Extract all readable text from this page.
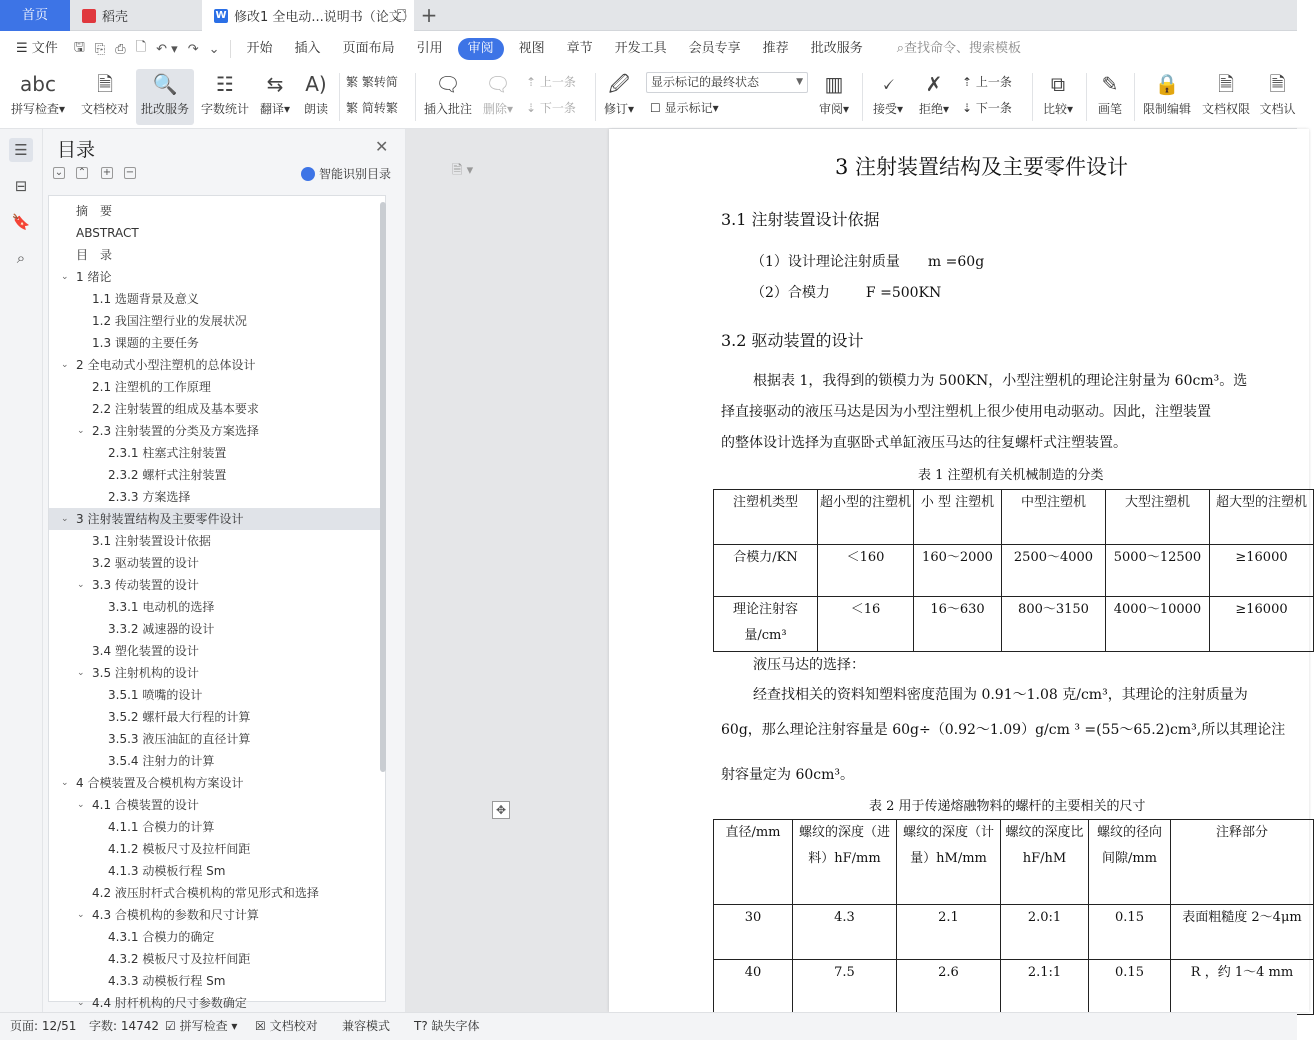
首页	稻壳	W 修改1 全电动...说明书（论文） +
☰ 文件	🖫 ⎘ ⎙ 🗋 ↶ ▾ ↷ ⌄	开始	插入	页面布局	引用	审阅	视图	章节	开发工具	会员专享	推荐	批改服务	⌕查找命令、搜索模板
abc
拼写检查▾
🗎
文档校对
🔍
批改服务
☷
字数统计
⇆
翻译▾
A)
朗读
繁 繁转简
繁 简转繁
🗨
插入批注
🗨
删除▾
⇡ 上一条
⇣ 下一条
🖉
修订▾
显示标记的最终状态	▼
☐ 显示标记▾
▥
审阅▾
🗸
接受▾
✗
拒绝▾
⇡ 上一条
⇣ 下一条
⧉
比较▾
✎
画笔
🔒
限制编辑
🗎
文档权限
🗎
文档认
☰
⊟
🔖
⌕
目录	✕
⌄ ⌃ + −	智能识别目录
摘　要
ABSTRACT
目　录
⌄ 1 绪论
1.1 选题背景及意义
1.2 我国注塑行业的发展状况
1.3 课题的主要任务
⌄ 2 全电动式小型注塑机的总体设计
2.1 注塑机的工作原理
2.2 注射装置的组成及基本要求
⌄ 2.3 注射装置的分类及方案选择
2.3.1 柱塞式注射装置
2.3.2 螺杆式注射装置
2.3.3 方案选择
⌄ 3 注射装置结构及主要零件设计
3.1 注射装置设计依据
3.2 驱动装置的设计
⌄ 3.3 传动装置的设计
3.3.1 电动机的选择
3.3.2 减速器的设计
3.4 塑化装置的设计
⌄ 3.5 注射机构的设计
3.5.1 喷嘴的设计
3.5.2 螺杆最大行程的计算
3.5.3 液压油缸的直径计算
3.5.4 注射力的计算
⌄ 4 合模装置及合模机构方案设计
⌄ 4.1 合模装置的设计
4.1.1 合模力的计算
4.1.2 模板尺寸及拉杆间距
4.1.3 动模板行程 Sm
4.2 液压肘杆式合模机构的常见形式和选择
⌄ 4.3 合模机构的参数和尺寸计算
4.3.1 合模力的确定
4.3.2 模板尺寸及拉杆间距
4.3.3 动模板行程 Sm
⌄ 4.4 肘杆机构的尺寸参数确定
🗎 ▾	3 注射装置结构及主要零件设计
3.1 注射装置设计依据
（1）设计理论注射质量 m =60g
（2）合模力	F =500KN
3.2 驱动装置的设计
根据表 1，我得到的锁模力为 500KN，小型注塑机的理论注射量为 60cm³。选
择直接驱动的液压马达是因为小型注塑机上很少使用电动驱动。因此，注塑装置
的整体设计选择为直驱卧式单缸液压马达的往复螺杆式注塑装置。
表 1 注塑机有关机械制造的分类
注塑机类型	超小型的注塑机	小 型 注塑机	中型注塑机	大型注塑机	超大型的注塑机
合模力/KN	＜160	160～2000	2500～4000	5000～12500	≥16000
理论注射容量/cm³	＜16	16～630	800～3150	4000～10000	≥16000
液压马达的选择：
经查找相关的资料知塑料密度范围为 0.91～1.08 克/cm³，其理论的注射质量为
60g，那么理论注射容量是 60g÷（0.92～1.09）g/cm ³ =(55～65.2)cm³,所以其理论注
射容量定为 60cm³。
表 2 用于传递熔融物料的螺杆的主要相关的尺寸
直径/mm	螺纹的深度（进料）hF/mm	螺纹的深度（计量）hM/mm	螺纹的深度比 hF/hM	螺纹的径向间隙/mm	注释部分
30	4.3	2.1	2.0:1	0.15	表面粗糙度 2～4μm
40	7.5	2.6	2.1:1	0.15	R ，约 1～4 mm
✥
页面: 12/51 字数: 14742 ☑ 拼写检查 ▾ ☒ 文档校对 兼容模式 T? 缺失字体
